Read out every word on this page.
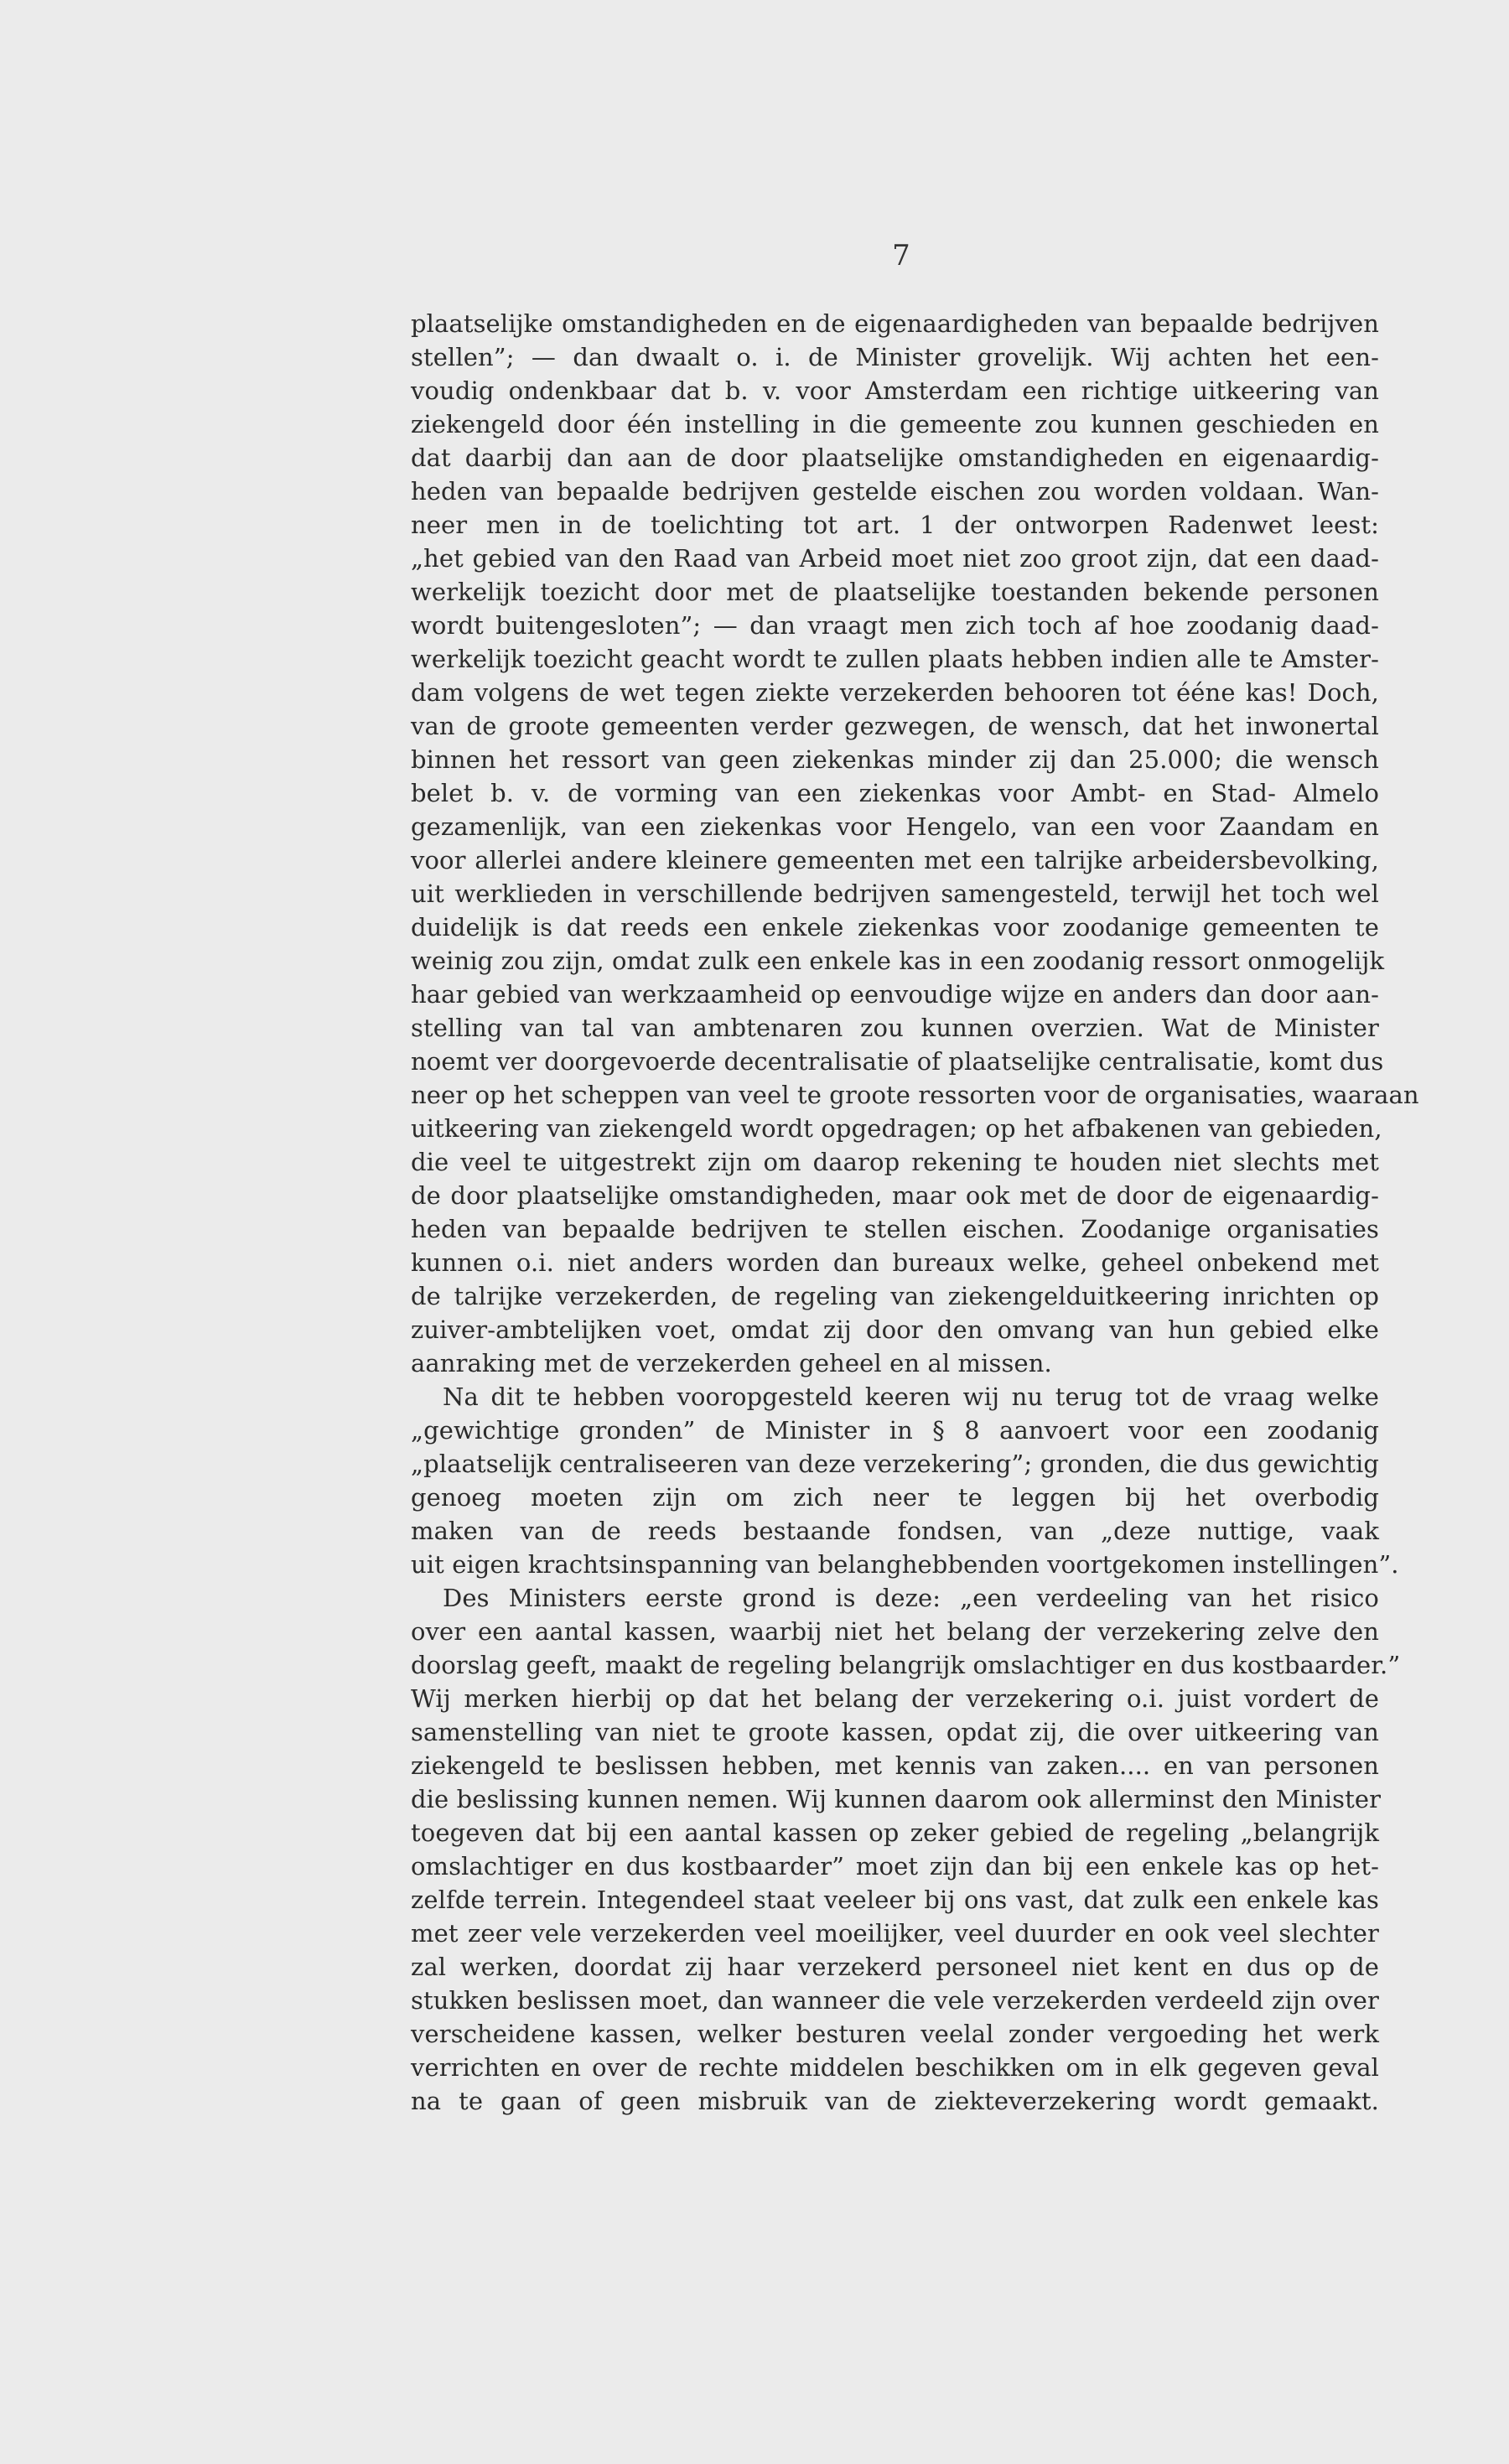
7
plaatselijke omstandigheden en de eigenaardigheden van bepaalde bedrijven
stellen”; — dan dwaalt o. i. de Minister grovelijk. Wij achten het een-
voudig ondenkbaar dat b. v. voor Amsterdam een richtige uitkeering van
ziekengeld door één instelling in die gemeente zou kunnen geschieden en
dat daarbij dan aan de door plaatselijke omstandigheden en eigenaardig-
heden van bepaalde bedrijven gestelde eischen zou worden voldaan. Wan-
neer men in de toelichting tot art. 1 der ontworpen Radenwet leest:
„het gebied van den Raad van Arbeid moet niet zoo groot zijn, dat een daad-
werkelijk toezicht door met de plaatselijke toestanden bekende personen
wordt buitengesloten”; — dan vraagt men zich toch af hoe zoodanig daad-
werkelijk toezicht geacht wordt te zullen plaats hebben indien alle te Amster-
dam volgens de wet tegen ziekte verzekerden behooren tot ééne kas! Doch,
van de groote gemeenten verder gezwegen, de wensch, dat het inwonertal
binnen het ressort van geen ziekenkas minder zij dan 25.000; die wensch
belet b. v. de vorming van een ziekenkas voor Ambt- en Stad- Almelo
gezamenlijk, van een ziekenkas voor Hengelo, van een voor Zaandam en
voor allerlei andere kleinere gemeenten met een talrijke arbeidersbevolking,
uit werklieden in verschillende bedrijven samengesteld, terwijl het toch wel
duidelijk is dat reeds een enkele ziekenkas voor zoodanige gemeenten te
weinig zou zijn, omdat zulk een enkele kas in een zoodanig ressort onmogelijk
haar gebied van werkzaamheid op eenvoudige wijze en anders dan door aan-
stelling van tal van ambtenaren zou kunnen overzien. Wat de Minister
noemt ver doorgevoerde decentralisatie of plaatselijke centralisatie, komt dus
neer op het scheppen van veel te groote ressorten voor de organisaties, waaraan
uitkeering van ziekengeld wordt opgedragen; op het afbakenen van gebieden,
die veel te uitgestrekt zijn om daarop rekening te houden niet slechts met
de door plaatselijke omstandigheden, maar ook met de door de eigenaardig-
heden van bepaalde bedrijven te stellen eischen. Zoodanige organisaties
kunnen o.i. niet anders worden dan bureaux welke, geheel onbekend met
de talrijke verzekerden, de regeling van ziekengelduitkeering inrichten op
zuiver-ambtelijken voet, omdat zij door den omvang van hun gebied elke
aanraking met de verzekerden geheel en al missen.
Na dit te hebben vooropgesteld keeren wij nu terug tot de vraag welke
„gewichtige gronden” de Minister in § 8 aanvoert voor een zoodanig
„plaatselijk centraliseeren van deze verzekering”; gronden, die dus gewichtig
genoeg moeten zijn om zich neer te leggen bij het overbodig
maken van de reeds bestaande fondsen, van „deze nuttige, vaak
uit eigen krachtsinspanning van belanghebbenden voortgekomen instellingen”.
Des Ministers eerste grond is deze: „een verdeeling van het risico
over een aantal kassen, waarbij niet het belang der verzekering zelve den
doorslag geeft, maakt de regeling belangrijk omslachtiger en dus kostbaarder.”
Wij merken hierbij op dat het belang der verzekering o.i. juist vordert de
samenstelling van niet te groote kassen, opdat zij, die over uitkeering van
ziekengeld te beslissen hebben, met kennis van zaken.... en van personen
die beslissing kunnen nemen. Wij kunnen daarom ook allerminst den Minister
toegeven dat bij een aantal kassen op zeker gebied de regeling „belangrijk
omslachtiger en dus kostbaarder” moet zijn dan bij een enkele kas op het-
zelfde terrein. Integendeel staat veeleer bij ons vast, dat zulk een enkele kas
met zeer vele verzekerden veel moeilijker, veel duurder en ook veel slechter
zal werken, doordat zij haar verzekerd personeel niet kent en dus op de
stukken beslissen moet, dan wanneer die vele verzekerden verdeeld zijn over
verscheidene kassen, welker besturen veelal zonder vergoeding het werk
verrichten en over de rechte middelen beschikken om in elk gegeven geval
na te gaan of geen misbruik van de ziekteverzekering wordt gemaakt.
